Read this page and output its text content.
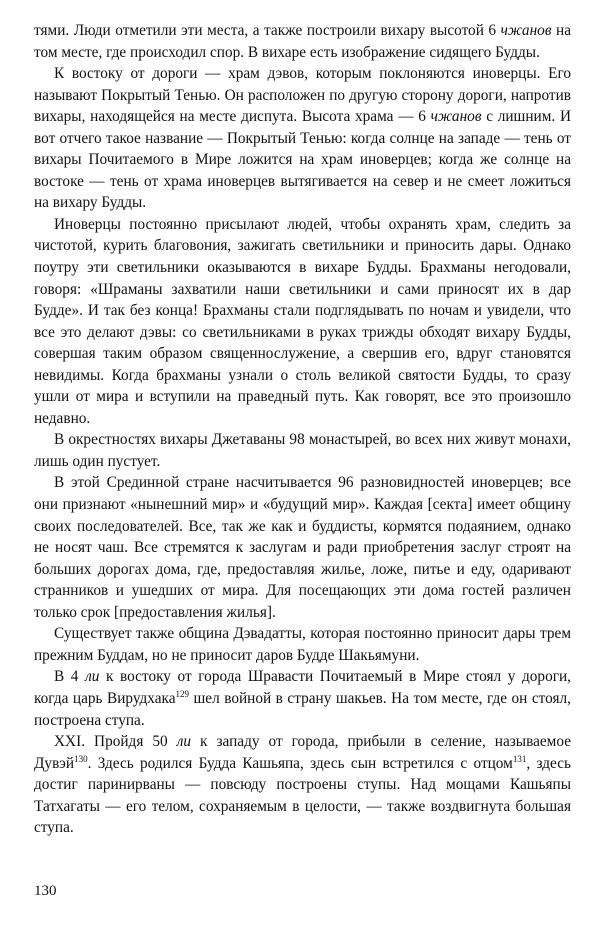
тями. Люди отметили эти места, а также построили вихару высотой 6 чжанов на том месте, где происходил спор. В вихаре есть изображение сидящего Будды.

К востоку от дороги — храм дэвов, которым поклоняются иноверцы. Его называют Покрытый Тенью. Он расположен по другую сторону дороги, напротив вихары, находящейся на месте диспута. Высота храма — 6 чжанов с лишним. И вот отчего такое название — Покрытый Тенью: когда солнце на западе — тень от вихары Почитаемого в Мире ложится на храм иноверцев; когда же солнце на востоке — тень от храма иноверцев вытягивается на север и не смеет ложиться на вихару Будды.

Иноверцы постоянно присылают людей, чтобы охранять храм, следить за чистотой, курить благовония, зажигать светильники и приносить дары. Однако поутру эти светильники оказываются в вихаре Будды. Брахманы негодовали, говоря: «Шраманы захватили наши светильники и сами приносят их в дар Будде». И так без конца! Брахманы стали подглядывать по ночам и увидели, что все это делают дэвы: со светильниками в руках трижды обходят вихару Будды, совершая таким образом священнослужение, а свершив его, вдруг становятся невидимы. Когда брахманы узнали о столь великой святости Будды, то сразу ушли от мира и вступили на праведный путь. Как говорят, все это произошло недавно.

В окрестностях вихары Джетаваны 98 монастырей, во всех них живут монахи, лишь один пустует.

В этой Срединной стране насчитывается 96 разновидностей иноверцев; все они признают «нынешний мир» и «будущий мир». Каждая [секта] имеет общину своих последователей. Все, так же как и буддисты, кормятся подаянием, однако не носят чаш. Все стремятся к заслугам и ради приобретения заслуг строят на больших дорогах дома, где, предоставляя жилье, ложе, питье и еду, одаривают странников и ушедших от мира. Для посещающих эти дома гостей различен только срок [предоставления жилья].

Существует также община Дэвадатты, которая постоянно приносит дары трем прежним Буддам, но не приносит даров Будде Шакьямуни.

В 4 ли к востоку от города Шравасти Почитаемый в Мире стоял у дороги, когда царь Вирудхака$^{129}$ шел войной в страну шакьев. На том месте, где он стоял, построена ступа.

XXI. Пройдя 50 ли к западу от города, прибыли в селение, называемое Дувэй$^{130}$. Здесь родился Будда Кашьяпа, здесь сын встретился с отцом$^{131}$, здесь достиг паринирваны — повсюду построены ступы. Над мощами Кашьяпы Татхагаты — его телом, сохраняемым в целости, — также воздвигнута большая ступа.

130
